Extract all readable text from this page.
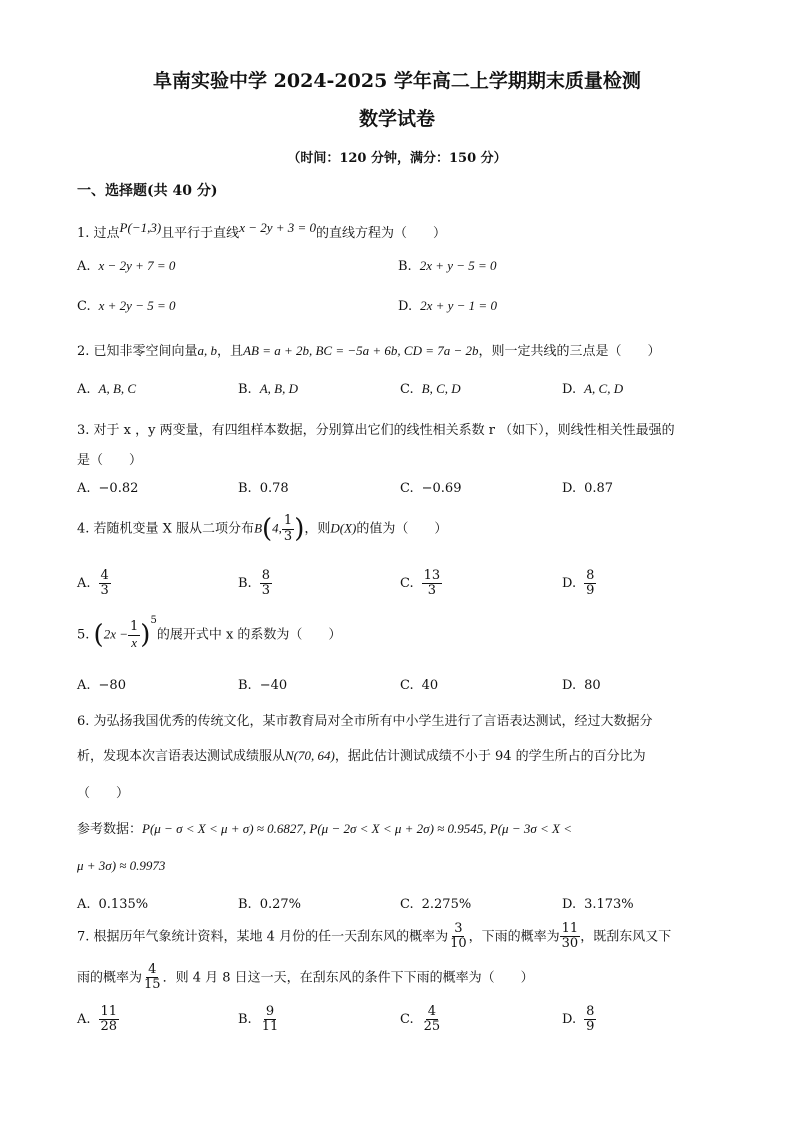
阜南实验中学 2024-2025 学年高二上学期期末质量检测
数学试卷
（时间：120 分钟，满分：150 分）
一、选择题(共 40 分)
1. 过点P(−1,3)且平行于直线x − 2y + 3 = 0的直线方程为（　　）
A. x − 2y + 7 = 0	B. 2x + y − 5 = 0
C. x + 2y − 5 = 0	D. 2x + y − 1 = 0
2. 已知非零空间向量a, b，且AB = a + 2b, BC = −5a + 6b, CD = 7a − 2b，则一定共线的三点是（　　）
A. A, B, C	B. A, B, D	C. B, C, D	D. A, C, D
3. 对于 x ，y 两变量，有四组样本数据，分别算出它们的线性相关系数 r （如下），则线性相关性最强的
是（　　）
A. −0.82	B. 0.78	C. −0.69	D. 0.87
4. 若随机变量 X 服从二项分布B(4, $\frac{1}{3}$ )，则D(X)的值为（　　）
A. $\frac{4}{3}$	B. $\frac{8}{3}$	C. $\frac{13}{3}$	D. $\frac{8}{9}$
5. $(2x - \frac{1}{x} )^5$的展开式中 x 的系数为（　　）
A. −80	B. −40	C. 40	D. 80
6. 为弘扬我国优秀的传统文化，某市教育局对全市所有中小学生进行了言语表达测试，经过大数据分
析，发现本次言语表达测试成绩服从N(70, 64)，据此估计测试成绩不小于 94 的学生所占的百分比为
（　　）
参考数据：P(μ − σ < X < μ + σ) ≈ 0.6827, P(μ − 2σ < X < μ + 2σ) ≈ 0.9545, P(μ − 3σ < X <
μ + 3σ) ≈ 0.9973
A. 0.135%	B. 0.27%	C. 2.275%	D. 3.173%
7. 根据历年气象统计资料，某地 4 月份的任一天刮东风的概率为 $\frac{3}{10}$ ，下雨的概率为 $\frac{11}{30}$ ，既刮东风又下
雨的概率为 $\frac{4}{15}$ ．则 4 月 8 日这一天，在刮东风的条件下下雨的概率为（　　）
A. $\frac{11}{28}$	B. $\frac{9}{11}$	C. $\frac{4}{25}$	D. $\frac{8}{9}$
